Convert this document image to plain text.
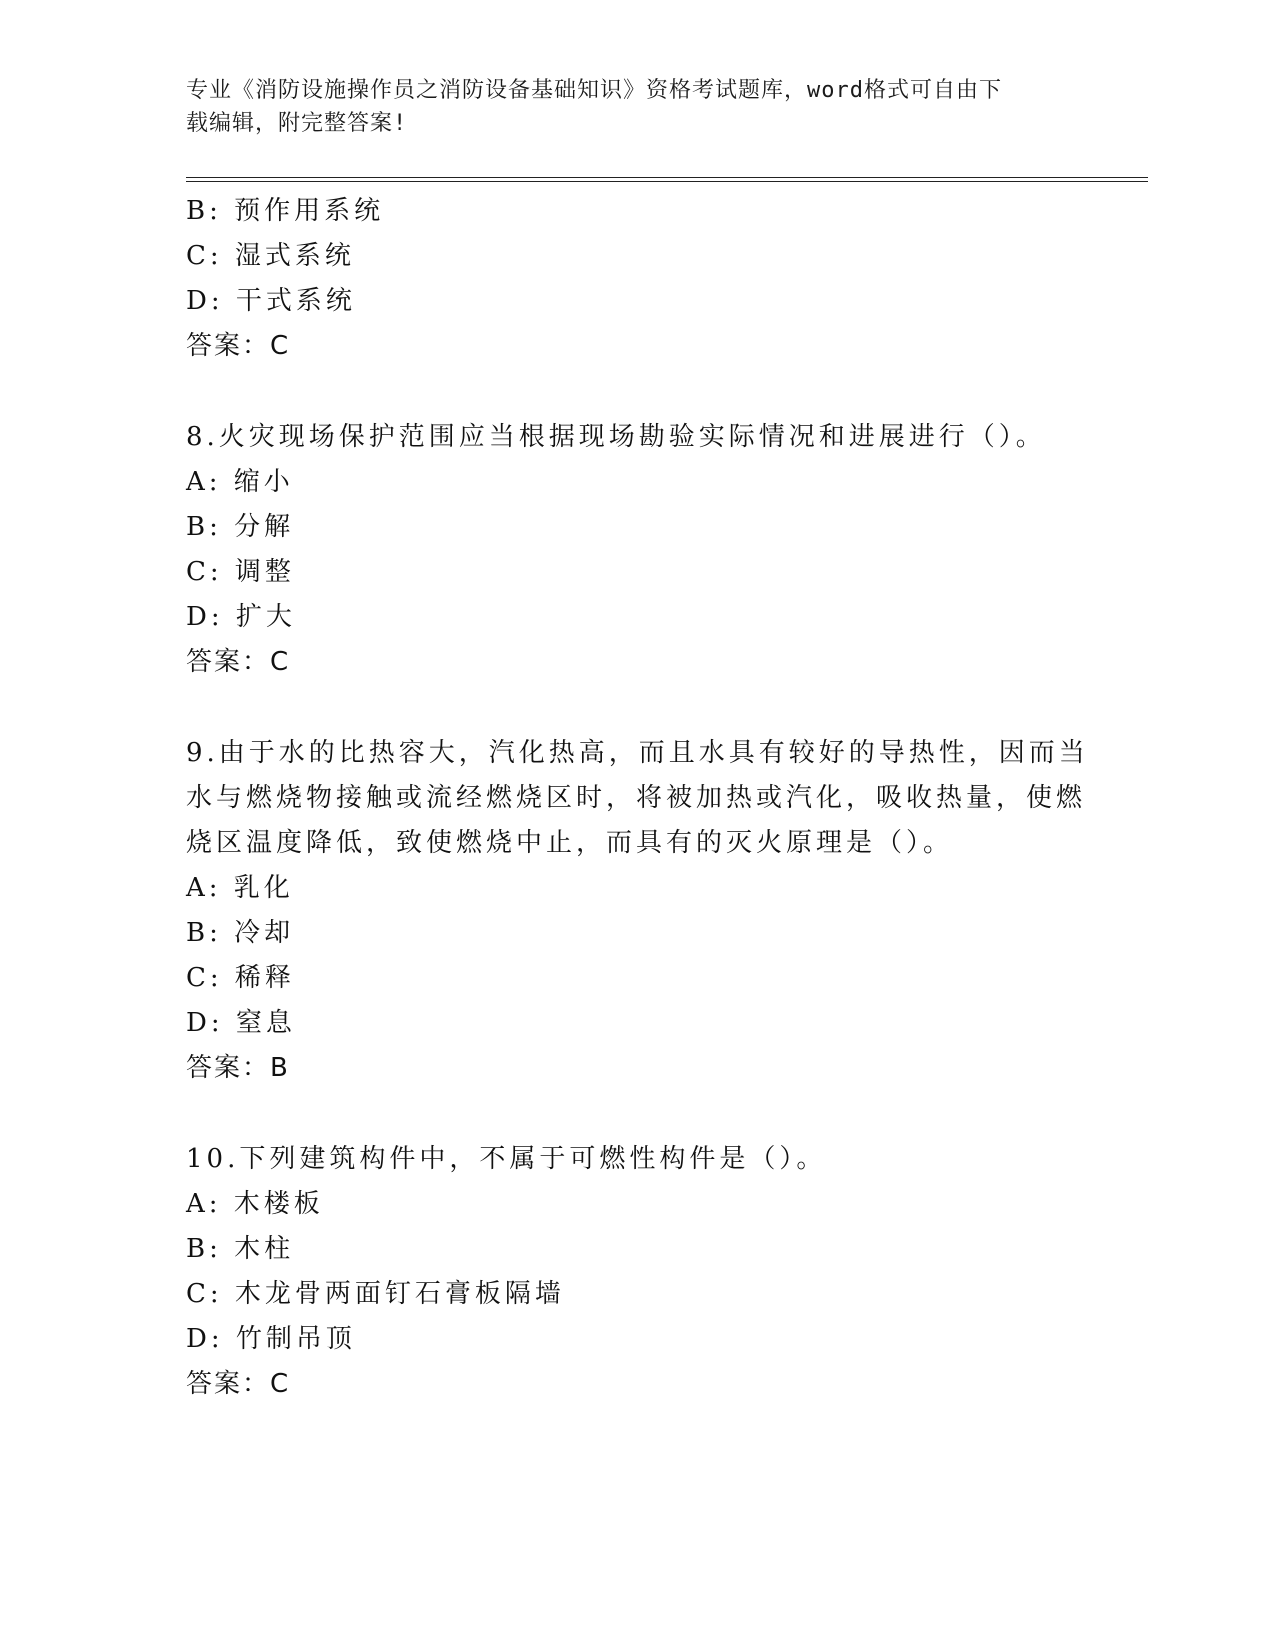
专业《消防设施操作员之消防设备基础知识》资格考试题库，word格式可自由下
载编辑，附完整答案!
B: 预作用系统
C: 湿式系统
D: 干式系统
答案：C
8.火灾现场保护范围应当根据现场勘验实际情况和进展进行（）。
A: 缩小
B: 分解
C: 调整
D: 扩大
答案：C
9.由于水的比热容大，汽化热高，而且水具有较好的导热性，因而当
水与燃烧物接触或流经燃烧区时，将被加热或汽化，吸收热量，使燃
烧区温度降低，致使燃烧中止，而具有的灭火原理是（）。
A: 乳化
B: 冷却
C: 稀释
D: 窒息
答案：B
10.下列建筑构件中，不属于可燃性构件是（）。
A: 木楼板
B: 木柱
C: 木龙骨两面钉石膏板隔墙
D: 竹制吊顶
答案：C
